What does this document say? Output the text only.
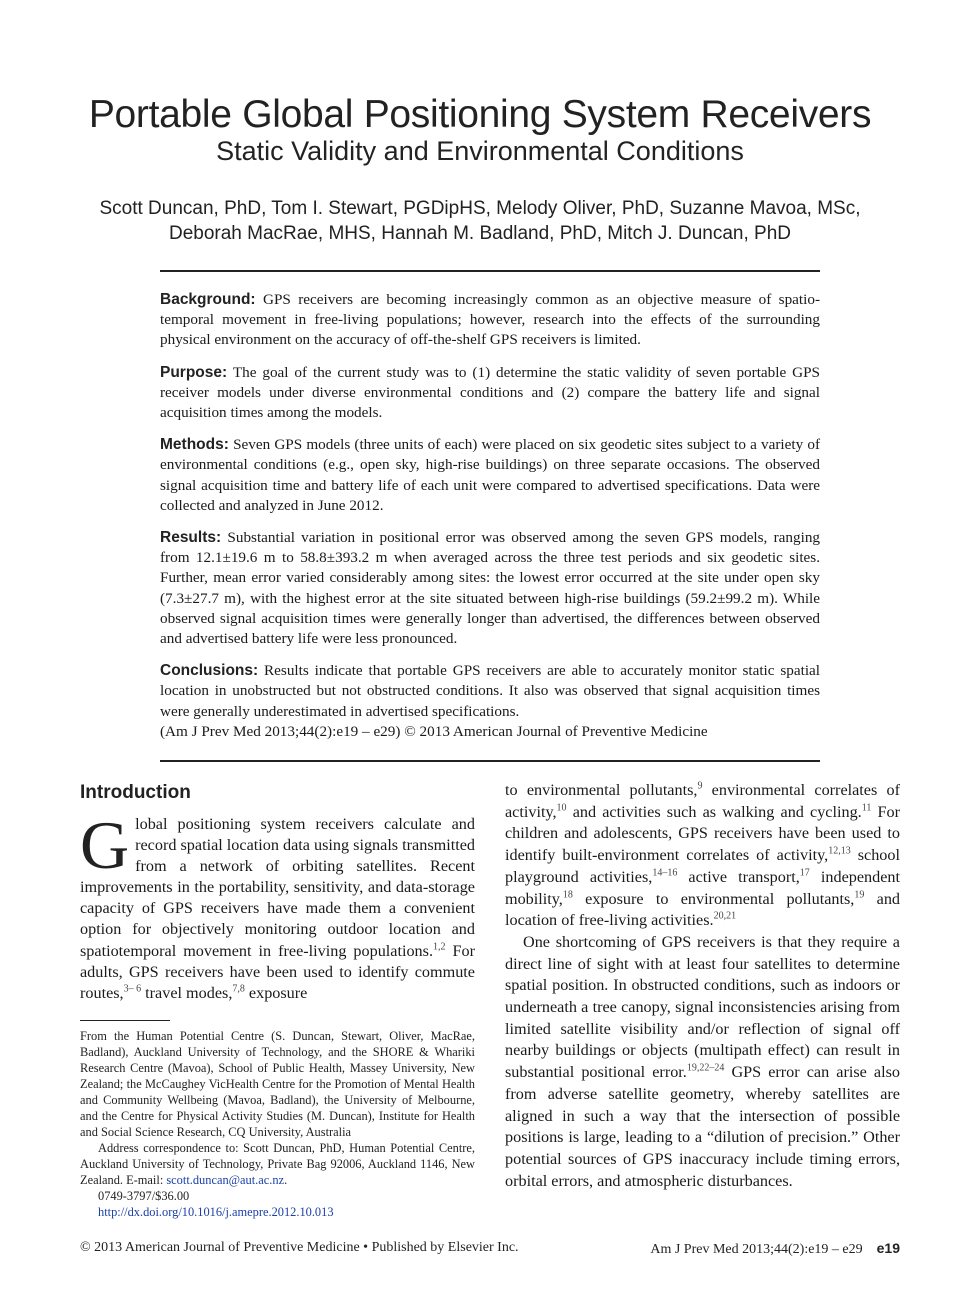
Portable Global Positioning System Receivers
Static Validity and Environmental Conditions
Scott Duncan, PhD, Tom I. Stewart, PGDipHS, Melody Oliver, PhD, Suzanne Mavoa, MSc,
Deborah MacRae, MHS, Hannah M. Badland, PhD, Mitch J. Duncan, PhD

Background: GPS receivers are becoming increasingly common as an objective measure of spatio-temporal movement in free-living populations; however, research into the effects of the surrounding physical environment on the accuracy of off-the-shelf GPS receivers is limited.

Purpose: The goal of the current study was to (1) determine the static validity of seven portable GPS receiver models under diverse environmental conditions and (2) compare the battery life and signal acquisition times among the models.

Methods: Seven GPS models (three units of each) were placed on six geodetic sites subject to a variety of environmental conditions (e.g., open sky, high-rise buildings) on three separate occasions. The observed signal acquisition time and battery life of each unit were compared to advertised specifications. Data were collected and analyzed in June 2012.

Results: Substantial variation in positional error was observed among the seven GPS models, ranging from 12.1±19.6 m to 58.8±393.2 m when averaged across the three test periods and six geodetic sites. Further, mean error varied considerably among sites: the lowest error occurred at the site under open sky (7.3±27.7 m), with the highest error at the site situated between high-rise buildings (59.2±99.2 m). While observed signal acquisition times were generally longer than advertised, the differences between observed and advertised battery life were less pronounced.

Conclusions: Results indicate that portable GPS receivers are able to accurately monitor static spatial location in unobstructed but not obstructed conditions. It also was observed that signal acquisition times were generally underestimated in advertised specifications.

(Am J Prev Med 2013;44(2):e19 – e29) © 2013 American Journal of Preventive Medicine

Introduction

Global positioning system receivers calculate and record spatial location data using signals transmitted from a network of orbiting satellites. Recent improvements in the portability, sensitivity, and data-storage capacity of GPS receivers have made them a convenient option for objectively monitoring outdoor location and spatiotemporal movement in free-living populations.$^{1,2}$ For adults, GPS receivers have been used to identify commute routes,$^{3- 6}$ travel modes,$^{7,8}$ exposure

From the Human Potential Centre (S. Duncan, Stewart, Oliver, MacRae, Badland), Auckland University of Technology, and the SHORE & Whariki Research Centre (Mavoa), School of Public Health, Massey University, New Zealand; the McCaughey VicHealth Centre for the Promotion of Mental Health and Community Wellbeing (Mavoa, Badland), the University of Melbourne, and the Centre for Physical Activity Studies (M. Duncan), Institute for Health and Social Science Research, CQ University, Australia

Address correspondence to: Scott Duncan, PhD, Human Potential Centre, Auckland University of Technology, Private Bag 92006, Auckland 1146, New Zealand. E-mail: scott.duncan@aut.ac.nz.

0749-3797/$36.00

http://dx.doi.org/10.1016/j.amepre.2012.10.013

to environmental pollutants,$^9$ environmental correlates of activity,$^{10}$ and activities such as walking and cycling.$^{11}$ For children and adolescents, GPS receivers have been used to identify built-environment correlates of activity,$^{12,13}$ school playground activities,$^{14-16}$ active transport,$^{17}$ independent mobility,$^{18}$ exposure to environmental pollutants,$^{19}$ and location of free-living activities.$^{20,21}$

One shortcoming of GPS receivers is that they require a direct line of sight with at least four satellites to determine spatial position. In obstructed conditions, such as indoors or underneath a tree canopy, signal inconsistencies arising from limited satellite visibility and/or reflection of signal off nearby buildings or objects (multipath effect) can result in substantial positional error.$^{19,22-24}$ GPS error can arise also from adverse satellite geometry, whereby satellites are aligned in such a way that the intersection of possible positions is large, leading to a “dilution of precision.” Other potential sources of GPS inaccuracy include timing errors, orbital errors, and atmospheric disturbances.

© 2013 American Journal of Preventive Medicine • Published by Elsevier Inc.	Am J Prev Med 2013;44(2):e19 – e29 e19
